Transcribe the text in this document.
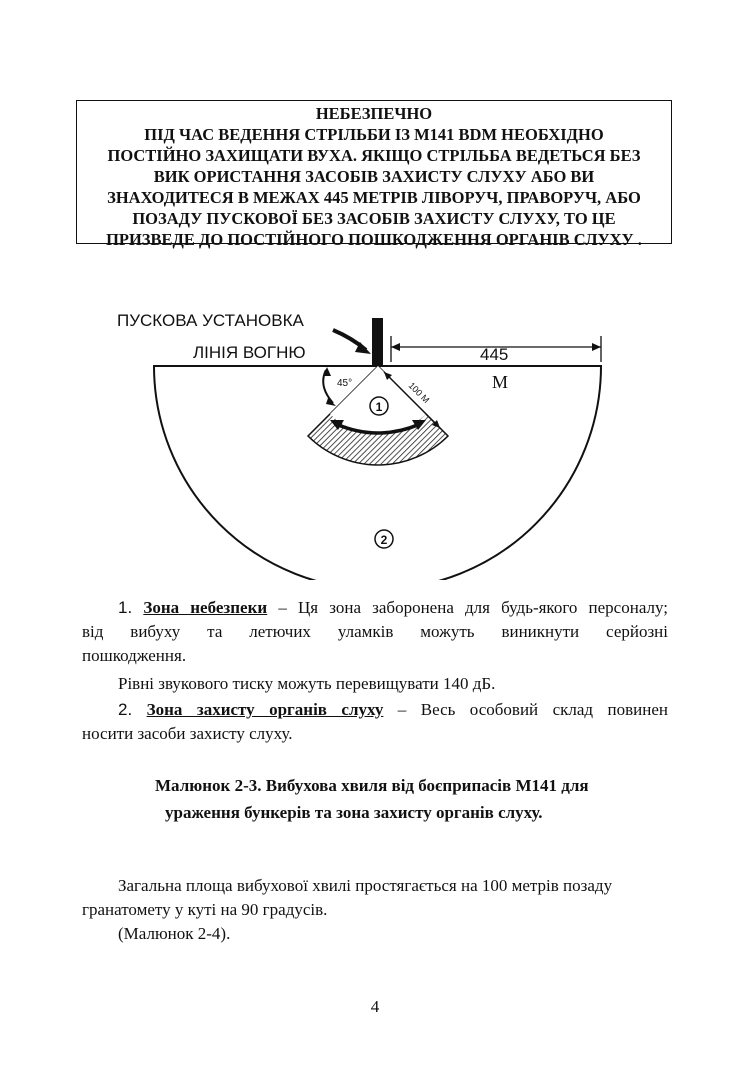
НЕБЕЗПЕЧНО
ПІД ЧАС ВЕДЕННЯ СТРІЛЬБИ ІЗ М141 BDM НЕОБХІДНО
ПОСТІЙНО ЗАХИЩАТИ ВУХА. ЯКІЩО СТРІЛЬБА ВЕДЕТЬСЯ БЕЗ
ВИК ОРИСТАННЯ ЗАСОБІВ ЗАХИСТУ СЛУХУ АБО ВИ
ЗНАХОДИТЕСЯ В МЕЖАХ 445 МЕТРІВ ЛІВОРУЧ, ПРАВОРУЧ, АБО
ПОЗАДУ ПУСКОВОЇ БЕЗ ЗАСОБІВ ЗАХИСТУ СЛУХУ, ТО ЦЕ
ПРИЗВЕДЕ ДО ПОСТІЙНОГО ПОШКОДЖЕННЯ ОРГАНІВ СЛУХУ .
1
2
45°	100 М
ПУСКОВА УСТАНОВКА
ЛІНІЯ ВОГНЮ	445
М
1. Зона небезпеки – Ця зона заборонена для будь-якого персоналу;
від вибуху та летючих уламків можуть виникнути серйозні
пошкодження.
Рівні звукового тиску можуть перевищувати 140 дБ.
2. Зона захисту органів слуху – Весь особовий склад повинен
носити засоби захисту слуху.
Малюнок 2-3. Вибухова хвиля від боєприпасів М141 для
ураження бункерів та зона захисту органів слуху.
Загальна площа вибухової хвилі простягається на 100 метрів позаду
гранатомету у куті на 90 градусів.
(Малюнок 2-4).
4
